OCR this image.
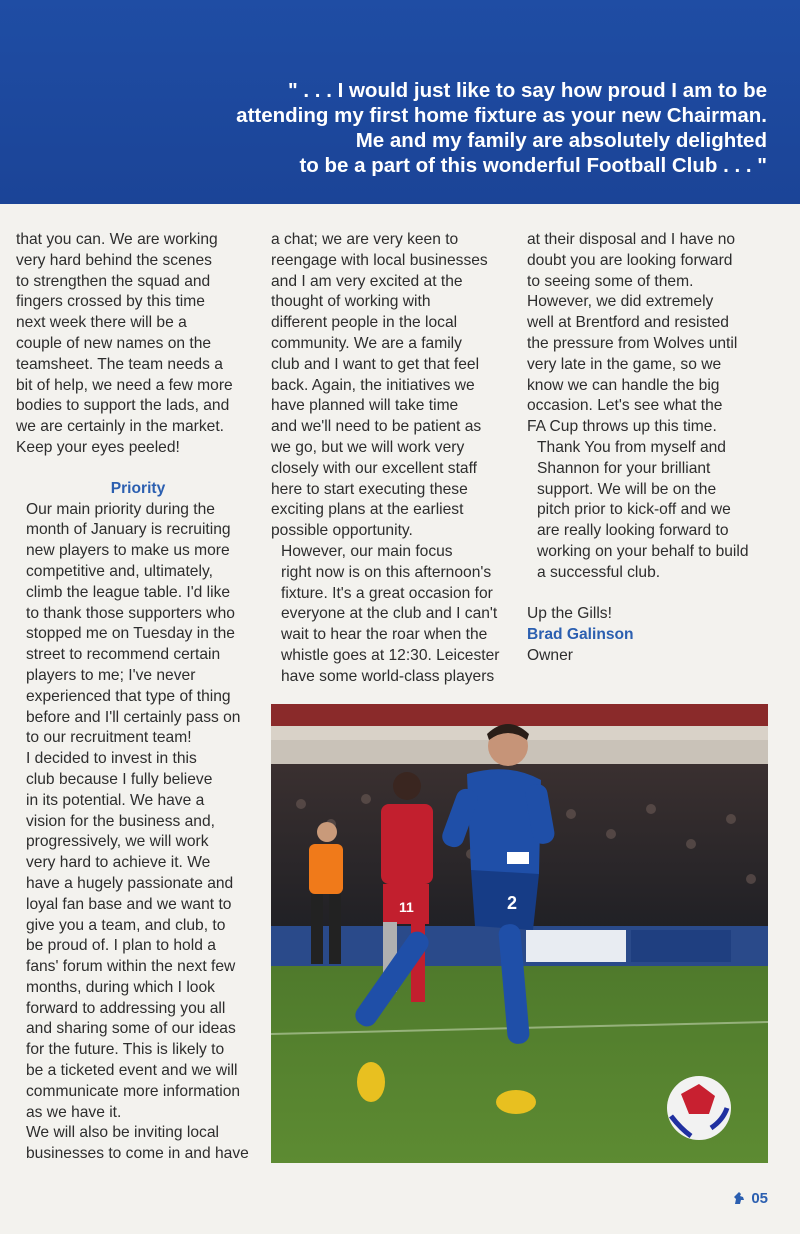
" . . . I would just like to say how proud I am to be
attending my first home fixture as your new Chairman.
Me and my family are absolutely delighted
to be a part of this wonderful Football Club . . . "

that you can. We are working
very hard behind the scenes
to strengthen the squad and
fingers crossed by this time
next week there will be a
couple of new names on the
teamsheet. The team needs a
bit of help, we need a few more
bodies to support the lads, and
we are certainly in the market.
Keep your eyes peeled!

Priority

Our main priority during the
month of January is recruiting
new players to make us more
competitive and, ultimately,
climb the league table. I'd like
to thank those supporters who
stopped me on Tuesday in the
street to recommend certain
players to me; I've never
experienced that type of thing
before and I'll certainly pass on
to our recruitment team!

I decided to invest in this
club because I fully believe
in its potential. We have a
vision for the business and,
progressively, we will work
very hard to achieve it. We
have a hugely passionate and
loyal fan base and we want to
give you a team, and club, to
be proud of. I plan to hold a
fans' forum within the next few
months, during which I look
forward to addressing you all
and sharing some of our ideas
for the future. This is likely to
be a ticketed event and we will
communicate more information
as we have it.

We will also be inviting local
businesses to come in and have

a chat; we are very keen to
reengage with local businesses
and I am very excited at the
thought of working with
different people in the local
community. We are a family
club and I want to get that feel
back. Again, the initiatives we
have planned will take time
and we'll need to be patient as
we go, but we will work very
closely with our excellent staff
here to start executing these
exciting plans at the earliest
possible opportunity.

However, our main focus
right now is on this afternoon's
fixture. It's a great occasion for
everyone at the club and I can't
wait to hear the roar when the
whistle goes at 12:30. Leicester
have some world-class players

at their disposal and I have no
doubt you are looking forward
to seeing some of them.
However, we did extremely
well at Brentford and resisted
the pressure from Wolves until
very late in the game, so we
know we can handle the big
occasion. Let's see what the
FA Cup throws up this time.

Thank You from myself and
Shannon for your brilliant
support. We will be on the
pitch prior to kick-off and we
are really looking forward to
working on your behalf to build
a successful club.

Up the Gills!

Brad Galinson

Owner

11	2
05
